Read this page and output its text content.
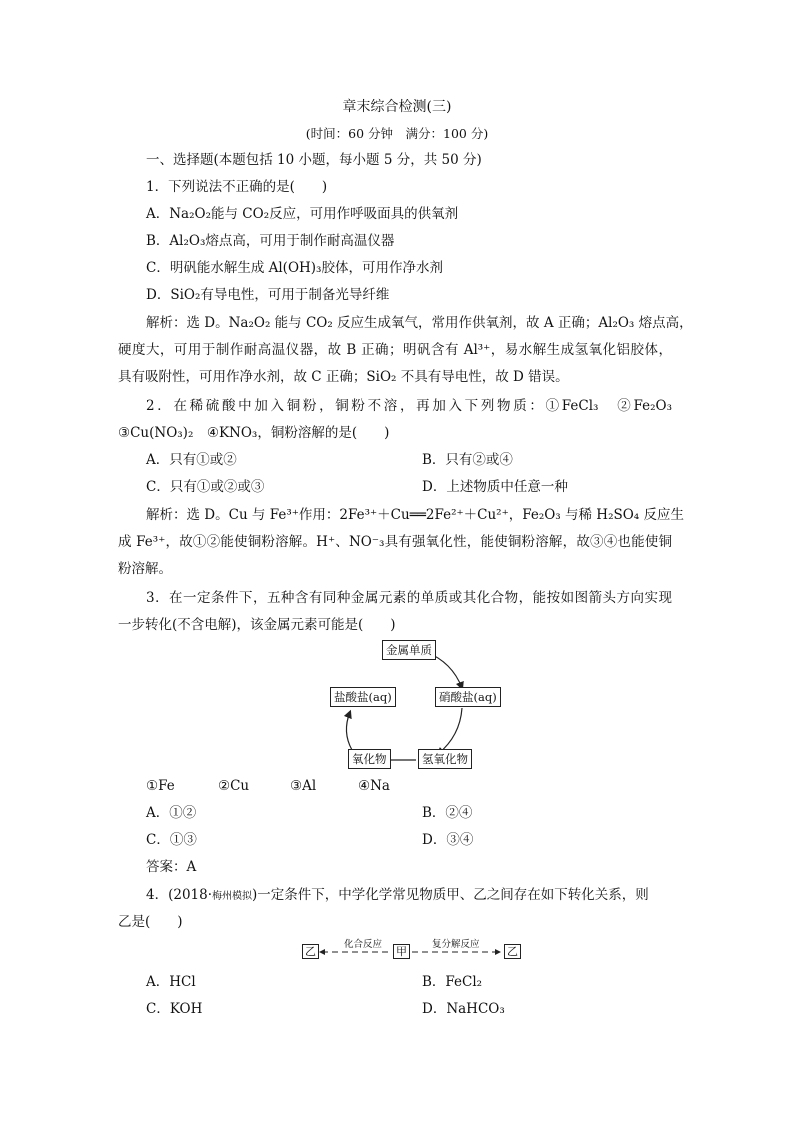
章末综合检测(三)
(时间：60 分钟　满分：100 分)
一、选择题(本题包括 10 小题，每小题 5 分，共 50 分)
1．下列说法不正确的是(　　)
A．Na₂O₂能与 CO₂反应，可用作呼吸面具的供氧剂
B．Al₂O₃熔点高，可用于制作耐高温仪器
C．明矾能水解生成 Al(OH)₃胶体，可用作净水剂
D．SiO₂有导电性，可用于制备光导纤维
解析：选 D。Na₂O₂ 能与 CO₂ 反应生成氧气，常用作供氧剂，故 A 正确；Al₂O₃ 熔点高，
硬度大，可用于制作耐高温仪器，故 B 正确；明矾含有 Al³⁺，易水解生成氢氧化铝胶体，
具有吸附性，可用作净水剂，故 C 正确；SiO₂ 不具有导电性，故 D 错误。
2．在稀硫酸中加入铜粉，铜粉不溶，再加入下列物质：①FeCl₃　②Fe₂O₃
③Cu(NO₃)₂　④KNO₃，铜粉溶解的是(　　)
A．只有①或②	B．只有②或④
C．只有①或②或③	D．上述物质中任意一种
解析：选 D。Cu 与 Fe³⁺作用：2Fe³⁺＋Cu══2Fe²⁺＋Cu²⁺，Fe₂O₃ 与稀 H₂SO₄ 反应生
成 Fe³⁺，故①②能使铜粉溶解。H⁺、NO⁻₃具有强氧化性，能使铜粉溶解，故③④也能使铜
粉溶解。
3．在一定条件下，五种含有同种金属元素的单质或其化合物，能按如图箭头方向实现
一步转化(不含电解)，该金属元素可能是(　　)
金属单质
硝酸盐(aq)
氢氧化物
氧化物
盐酸盐(aq)
①Fe	②Cu	③Al	④Na
A．①②	B．②④
C．①③	D．③④
答案：A
4．(2018·梅州模拟)一定条件下，中学化学常见物质甲、乙之间存在如下转化关系，则
乙是(　　)
乙	甲	乙
化合反应	复分解反应
A．HCl	B．FeCl₂
C．KOH	D．NaHCO₃
